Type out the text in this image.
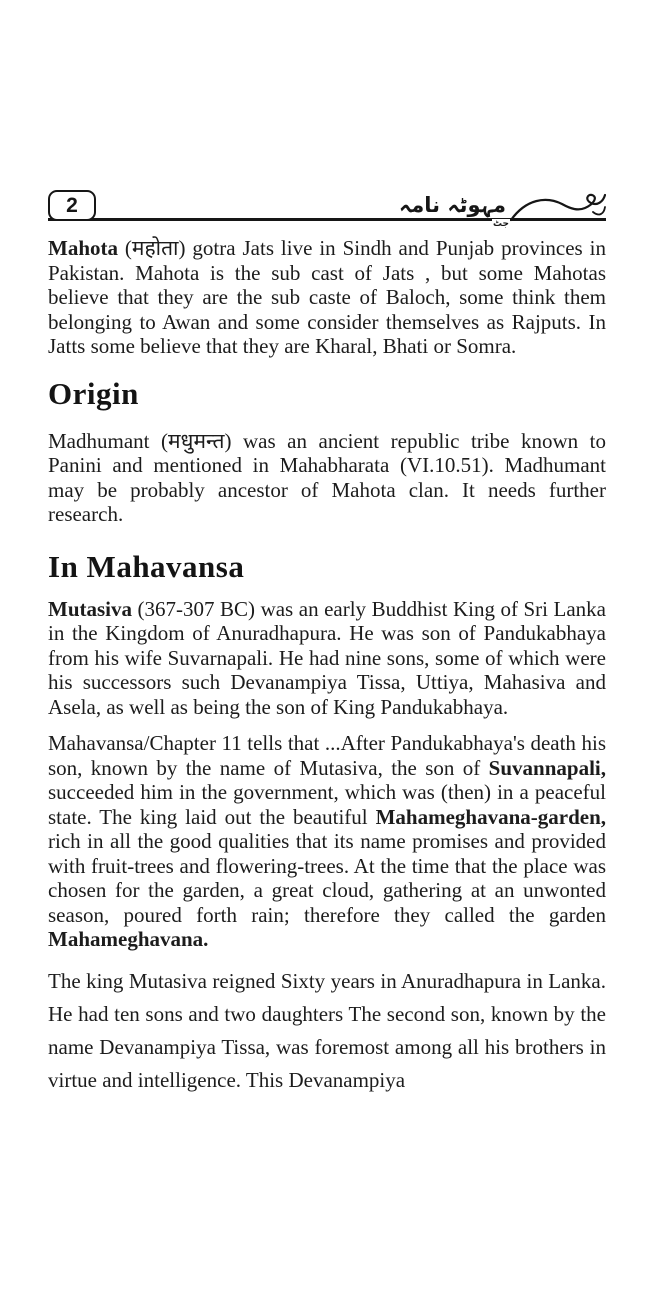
2	مہوٹہ نامہ
جٹ

Mahota (महोता) gotra Jats live in Sindh and Punjab provinces in Pakistan. Mahota is the sub cast of Jats , but some Mahotas believe that they are the sub caste of Baloch, some think them belonging to Awan and some consider themselves as Rajputs. In Jatts some believe that they are Kharal, Bhati or Somra.

Origin

Madhumant (मधुमन्त) was an ancient republic tribe known to Panini and mentioned in Mahabharata (VI.10.51). Madhumant may be probably ancestor of Mahota clan. It needs further research.

In Mahavansa

Mutasiva (367-307 BC) was an early Buddhist King of Sri Lanka in the Kingdom of Anuradhapura. He was son of Pandukabhaya from his wife Suvarnapali. He had nine sons, some of which were his successors such Devanampiya Tissa, Uttiya, Mahasiva and Asela, as well as being the son of King Pandukabhaya.

Mahavansa/Chapter 11 tells that ...After Pandukabhaya's death his son, known by the name of Mutasiva, the son of Suvannapali, succeeded him in the government, which was (then) in a peaceful state. The king laid out the beautiful Mahameghavana-garden, rich in all the good qualities that its name promises and provided with fruit-trees and flowering-trees. At the time that the place was chosen for the garden, a great cloud, gathering at an unwonted season, poured forth rain; therefore they called the garden Mahameghavana.

The king Mutasiva reigned Sixty years in Anuradhapura in Lanka. He had ten sons and two daughters The second son, known by the name Devanampiya Tissa, was foremost among all his brothers in virtue and intelligence. This Devanampiya
